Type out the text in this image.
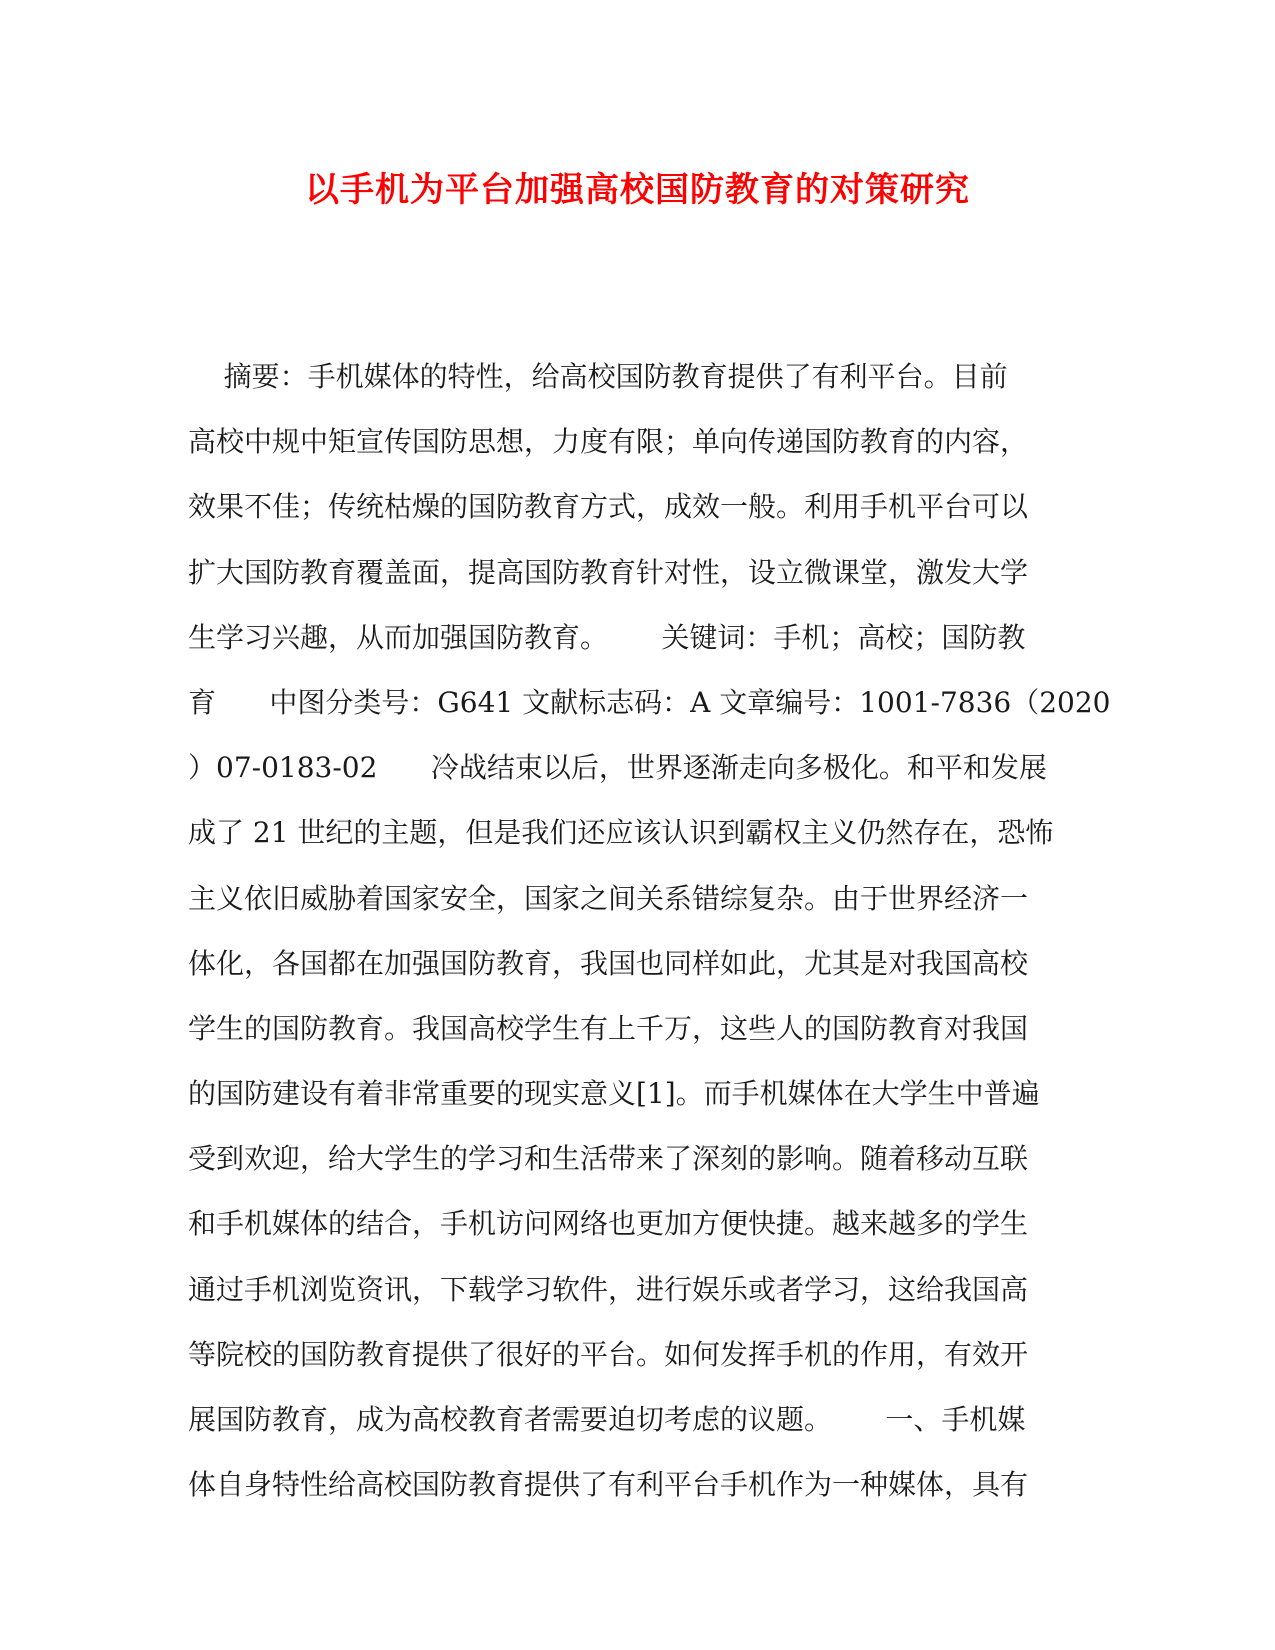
以手机为平台加强高校国防教育的对策研究
摘要：手机媒体的特性，给高校国防教育提供了有利平台。目前
高校中规中矩宣传国防思想，力度有限；单向传递国防教育的内容，
效果不佳；传统枯燥的国防教育方式，成效一般。利用手机平台可以
扩大国防教育覆盖面，提高国防教育针对性，设立微课堂，激发大学
生学习兴趣，从而加强国防教育。      关键词：手机；高校；国防教
育      中图分类号：G641 文献标志码：A 文章编号：1001-7836（2020
）07-0183-02      冷战结束以后，世界逐渐走向多极化。和平和发展
成了 21 世纪的主题，但是我们还应该认识到霸权主义仍然存在，恐怖
主义依旧威胁着国家安全，国家之间关系错综复杂。由于世界经济一
体化，各国都在加强国防教育，我国也同样如此，尤其是对我国高校
学生的国防教育。我国高校学生有上千万，这些人的国防教育对我国
的国防建设有着非常重要的现实意义[1]。而手机媒体在大学生中普遍
受到欢迎，给大学生的学习和生活带来了深刻的影响。随着移动互联
和手机媒体的结合，手机访问网络也更加方便快捷。越来越多的学生
通过手机浏览资讯，下载学习软件，进行娱乐或者学习，这给我国高
等院校的国防教育提供了很好的平台。如何发挥手机的作用，有效开
展国防教育，成为高校教育者需要迫切考虑的议题。      一、手机媒
体自身特性给高校国防教育提供了有利平台手机作为一种媒体，具有
